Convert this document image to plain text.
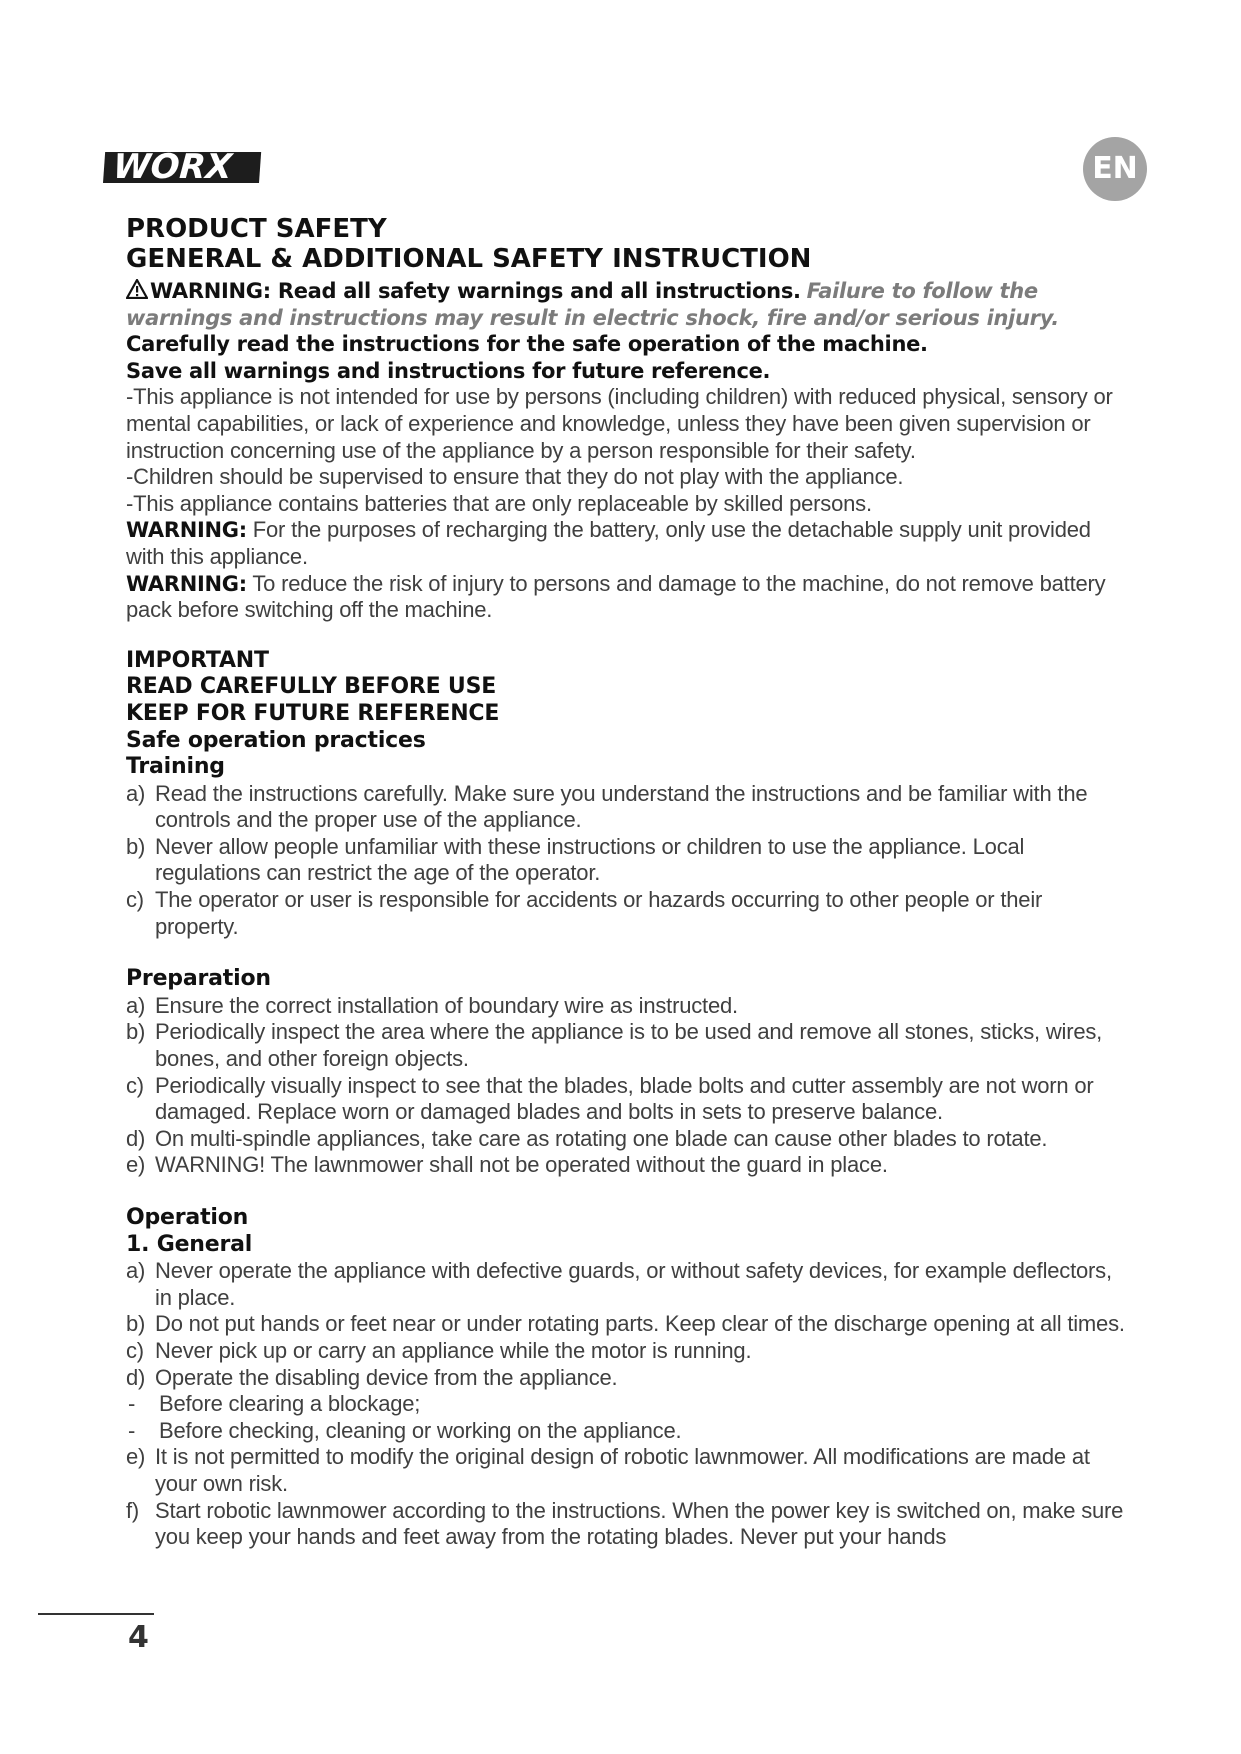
WORX	EN
PRODUCT SAFETY
GENERAL & ADDITIONAL SAFETY INSTRUCTION

WARNING: Read all safety warnings and all instructions. Failure to follow the warnings and instructions may result in electric shock, fire and/or serious injury.

Carefully read the instructions for the safe operation of the machine.

Save all warnings and instructions for future reference.

-This appliance is not intended for use by persons (including children) with reduced physical, sensory or mental capabilities, or lack of experience and knowledge, unless they have been given supervision or instruction concerning use of the appliance by a person responsible for their safety.

-Children should be supervised to ensure that they do not play with the appliance.

-This appliance contains batteries that are only replaceable by skilled persons.

WARNING: For the purposes of recharging the battery, only use the detachable supply unit provided with this appliance.

WARNING: To reduce the risk of injury to persons and damage to the machine, do not remove battery pack before switching off the machine.

IMPORTANT

READ CAREFULLY BEFORE USE

KEEP FOR FUTURE REFERENCE

Safe operation practices

Training

a) Read the instructions carefully. Make sure you understand the instructions and be familiar with the controls and the proper use of the appliance.
b) Never allow people unfamiliar with these instructions or children to use the appliance. Local regulations can restrict the age of the operator.
c) The operator or user is responsible for accidents or hazards occurring to other people or their property.

Preparation

a) Ensure the correct installation of boundary wire as instructed.
b) Periodically inspect the area where the appliance is to be used and remove all stones, sticks, wires, bones, and other foreign objects.
c) Periodically visually inspect to see that the blades, blade bolts and cutter assembly are not worn or damaged. Replace worn or damaged blades and bolts in sets to preserve balance.
d) On multi-spindle appliances, take care as rotating one blade can cause other blades to rotate.
e) WARNING! The lawnmower shall not be operated without the guard in place.

Operation

1. General

a) Never operate the appliance with defective guards, or without safety devices, for example deflectors, in place.
b) Do not put hands or feet near or under rotating parts. Keep clear of the discharge opening at all times.
c) Never pick up or carry an appliance while the motor is running.
d) Operate the disabling device from the appliance.
- Before clearing a blockage;
- Before checking, cleaning or working on the appliance.
e) It is not permitted to modify the original design of robotic lawnmower. All modifications are made at your own risk.
f) Start robotic lawnmower according to the instructions. When the power key is switched on, make sure you keep your hands and feet away from the rotating blades. Never put your hands
4
